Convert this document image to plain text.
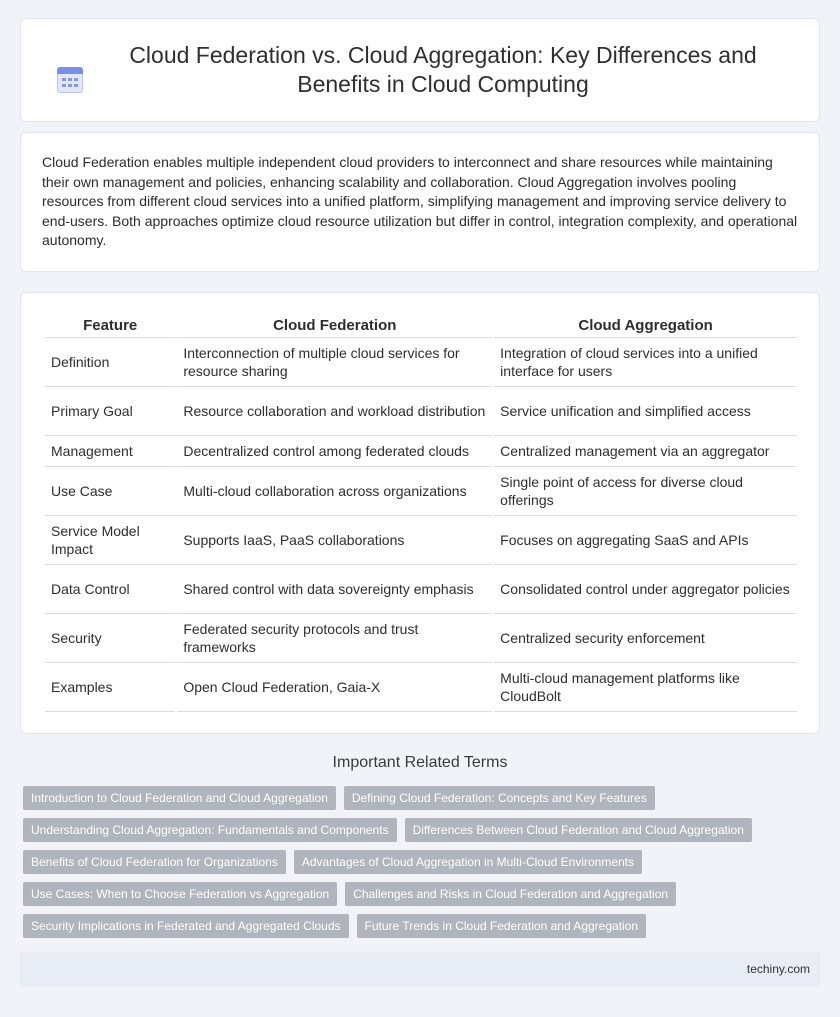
Cloud Federation vs. Cloud Aggregation: Key Differences and Benefits in Cloud Computing

Cloud Federation enables multiple independent cloud providers to interconnect and share resources while maintaining their own management and policies, enhancing scalability and collaboration. Cloud Aggregation involves pooling resources from different cloud services into a unified platform, simplifying management and improving service delivery to end-users. Both approaches optimize cloud resource utilization but differ in control, integration complexity, and operational autonomy.

Feature	Cloud Federation	Cloud Aggregation
Definition	Interconnection of multiple cloud services for resource sharing	Integration of cloud services into a unified interface for users
Primary Goal	Resource collaboration and workload distribution	Service unification and simplified access
Management	Decentralized control among federated clouds	Centralized management via an aggregator
Use Case	Multi-cloud collaboration across organizations	Single point of access for diverse cloud offerings
Service Model Impact	Supports IaaS, PaaS collaborations	Focuses on aggregating SaaS and APIs
Data Control	Shared control with data sovereignty emphasis	Consolidated control under aggregator policies
Security	Federated security protocols and trust frameworks	Centralized security enforcement
Examples	Open Cloud Federation, Gaia-X	Multi-cloud management platforms like CloudBolt
Important Related Terms
Introduction to Cloud Federation and Cloud Aggregation	Defining Cloud Federation: Concepts and Key Features
Understanding Cloud Aggregation: Fundamentals and Components	Differences Between Cloud Federation and Cloud Aggregation
Benefits of Cloud Federation for Organizations	Advantages of Cloud Aggregation in Multi-Cloud Environments
Use Cases: When to Choose Federation vs Aggregation	Challenges and Risks in Cloud Federation and Aggregation
Security Implications in Federated and Aggregated Clouds	Future Trends in Cloud Federation and Aggregation
techiny.com
